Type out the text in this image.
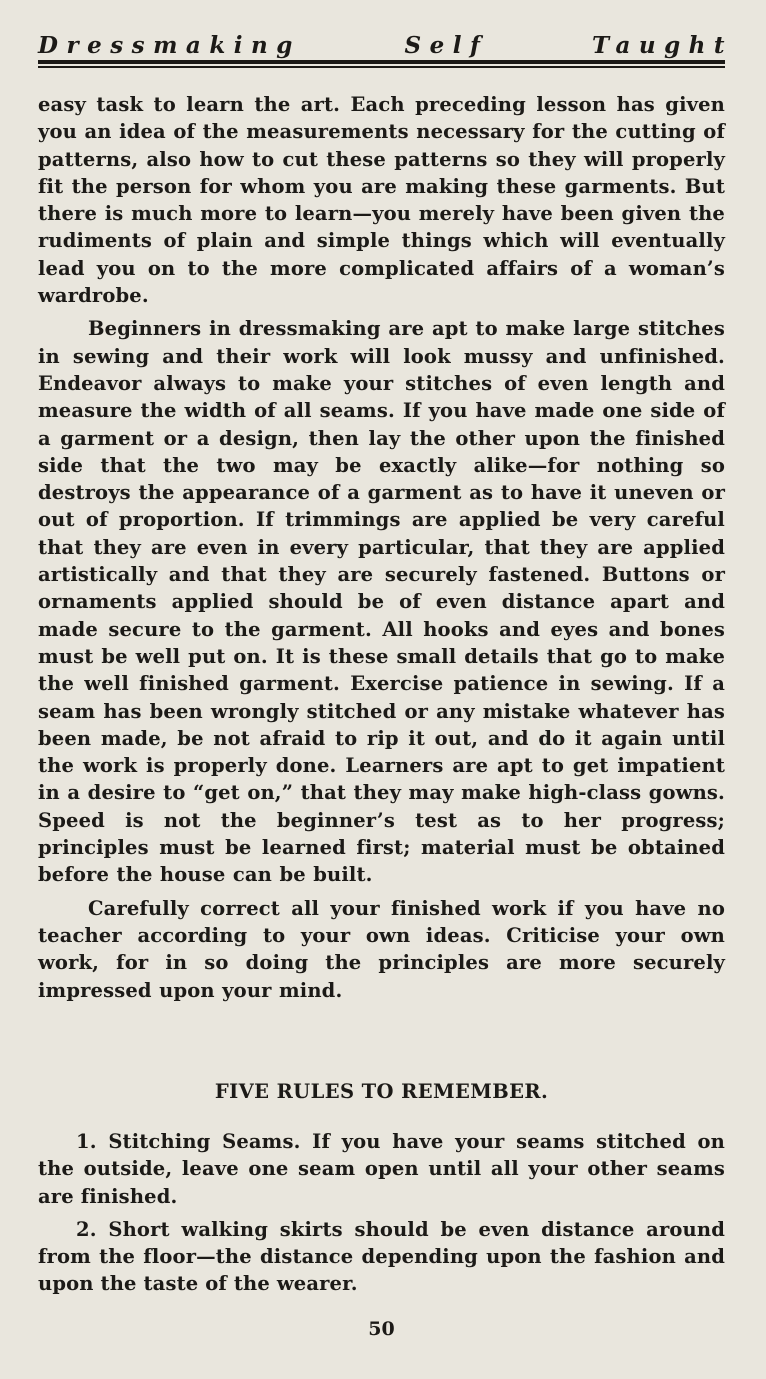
Dressmaking	Self	Taught

easy task to learn the art. Each preceding lesson has given you an idea of the measurements necessary for the cutting of patterns, also how to cut these patterns so they will properly fit the person for whom you are making these garments. But there is much more to learn—you merely have been given the rudiments of plain and simple things which will eventually lead you on to the more complicated affairs of a woman’s wardrobe.

Beginners in dressmaking are apt to make large stitches in sewing and their work will look mussy and unfinished. Endeavor always to make your stitches of even length and measure the width of all seams. If you have made one side of a garment or a design, then lay the other upon the finished side that the two may be exactly alike—for nothing so destroys the appearance of a garment as to have it uneven or out of proportion. If trimmings are applied be very careful that they are even in every particular, that they are applied artistically and that they are securely fastened. Buttons or ornaments applied should be of even distance apart and made secure to the garment. All hooks and eyes and bones must be well put on. It is these small details that go to make the well finished garment. Exercise patience in sewing. If a seam has been wrongly stitched or any mistake whatever has been made, be not afraid to rip it out, and do it again until the work is properly done. Learners are apt to get impatient in a desire to “get on,” that they may make high-class gowns. Speed is not the beginner’s test as to her progress; principles must be learned first; material must be obtained before the house can be built.

Carefully correct all your finished work if you have no teacher according to your own ideas. Criticise your own work, for in so doing the principles are more securely impressed upon your mind.

FIVE RULES TO REMEMBER.

1. Stitching Seams. If you have your seams stitched on the outside, leave one seam open until all your other seams are finished.

2. Short walking skirts should be even distance around from the floor—the distance depending upon the fashion and upon the taste of the wearer.

50
